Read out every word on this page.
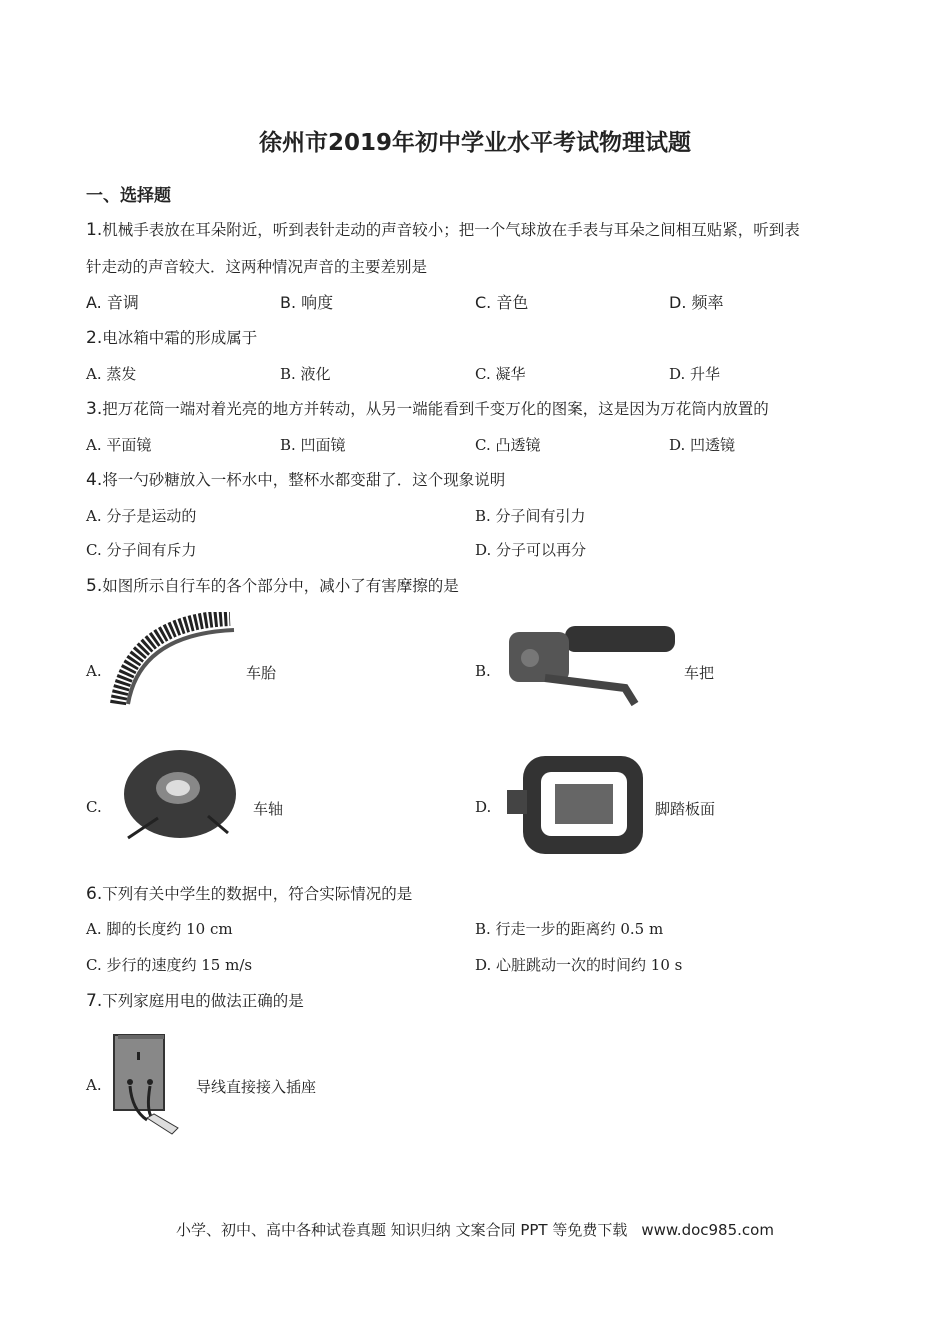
徐州市2019年初中学业水平考试物理试题
一、选择题
1.机械手表放在耳朵附近，听到表针走动的声音较小；把一个气球放在手表与耳朵之间相互贴紧，听到表
针走动的声音较大．这两种情况声音的主要差别是
A. 音调	B. 响度	C. 音色	D. 频率
2.电冰箱中霜的形成属于
A. 蒸发	B. 液化	C. 凝华	D. 升华
3.把万花筒一端对着光亮的地方并转动，从另一端能看到千变万化的图案，这是因为万花筒内放置的
A. 平面镜	B. 凹面镜	C. 凸透镜	D. 凹透镜
4.将一勺砂糖放入一杯水中，整杯水都变甜了．这个现象说明
A. 分子是运动的	B. 分子间有引力
C. 分子间有斥力	D. 分子可以再分
5.如图所示自行车的各个部分中，减小了有害摩擦的是
A.	车胎	B.	车把
C.	车轴	D.	脚踏板面
6.下列有关中学生的数据中，符合实际情况的是
A. 脚的长度约 10 cm	B. 行走一步的距离约 0.5 m
C. 步行的速度约 15 m/s	D. 心脏跳动一次的时间约 10 s
7.下列家庭用电的做法正确的是
A.	导线直接接入插座
小学、初中、高中各种试卷真题 知识归纳 文案合同 PPT 等免费下载 www.doc985.com
